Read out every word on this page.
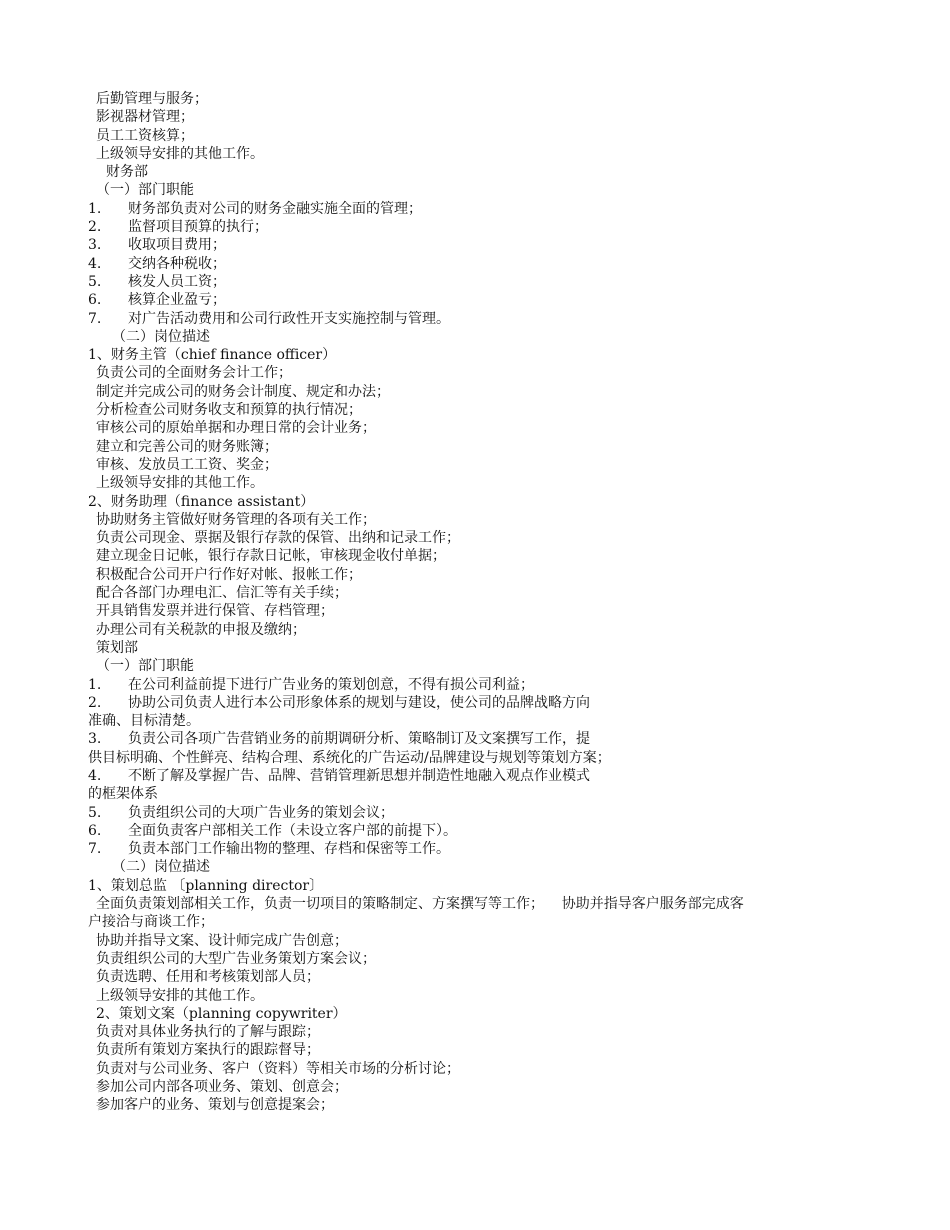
后勤管理与服务；
影视器材管理；
员工工资核算；
上级领导安排的其他工作。
财务部
（一）部门职能
1. 财务部负责对公司的财务金融实施全面的管理；
2. 监督项目预算的执行；
3. 收取项目费用；
4. 交纳各种税收；
5. 核发人员工资；
6. 核算企业盈亏；
7. 对广告活动费用和公司行政性开支实施控制与管理。
（二）岗位描述
1、财务主管（chief finance officer）
负责公司的全面财务会计工作；
制定并完成公司的财务会计制度、规定和办法；
分析检查公司财务收支和预算的执行情况；
审核公司的原始单据和办理日常的会计业务；
建立和完善公司的财务账簿；
审核、发放员工工资、奖金；
上级领导安排的其他工作。
2、财务助理（finance assistant）
协助财务主管做好财务管理的各项有关工作；
负责公司现金、票据及银行存款的保管、出纳和记录工作；
建立现金日记帐，银行存款日记帐，审核现金收付单据；
积极配合公司开户行作好对帐、报帐工作；
配合各部门办理电汇、信汇等有关手续；
开具销售发票并进行保管、存档管理；
办理公司有关税款的申报及缴纳；
策划部
（一）部门职能
1. 在公司利益前提下进行广告业务的策划创意，不得有损公司利益；
2. 协助公司负责人进行本公司形象体系的规划与建设，使公司的品牌战略方向
准确、目标清楚。
3. 负责公司各项广告营销业务的前期调研分析、策略制订及文案撰写工作，提
供目标明确、个性鲜亮、结构合理、系统化的广告运动/品牌建设与规划等策划方案；
4. 不断了解及掌握广告、品牌、营销管理新思想并制造性地融入观点作业模式
的框架体系
5. 负责组织公司的大项广告业务的策划会议；
6. 全面负责客户部相关工作（未设立客户部的前提下）。
7. 负责本部门工作输出物的整理、存档和保密等工作。
（二）岗位描述
1、策划总监 〔planning director〕
全面负责策划部相关工作，负责一切项目的策略制定、方案撰写等工作；    协助并指导客户服务部完成客
户接洽与商谈工作；
协助并指导文案、设计师完成广告创意；
负责组织公司的大型广告业务策划方案会议；
负责选聘、任用和考核策划部人员；
上级领导安排的其他工作。
2、策划文案（planning copywriter）
负责对具体业务执行的了解与跟踪；
负责所有策划方案执行的跟踪督导；
负责对与公司业务、客户（资料）等相关市场的分析讨论；
参加公司内部各项业务、策划、创意会；
参加客户的业务、策划与创意提案会；
